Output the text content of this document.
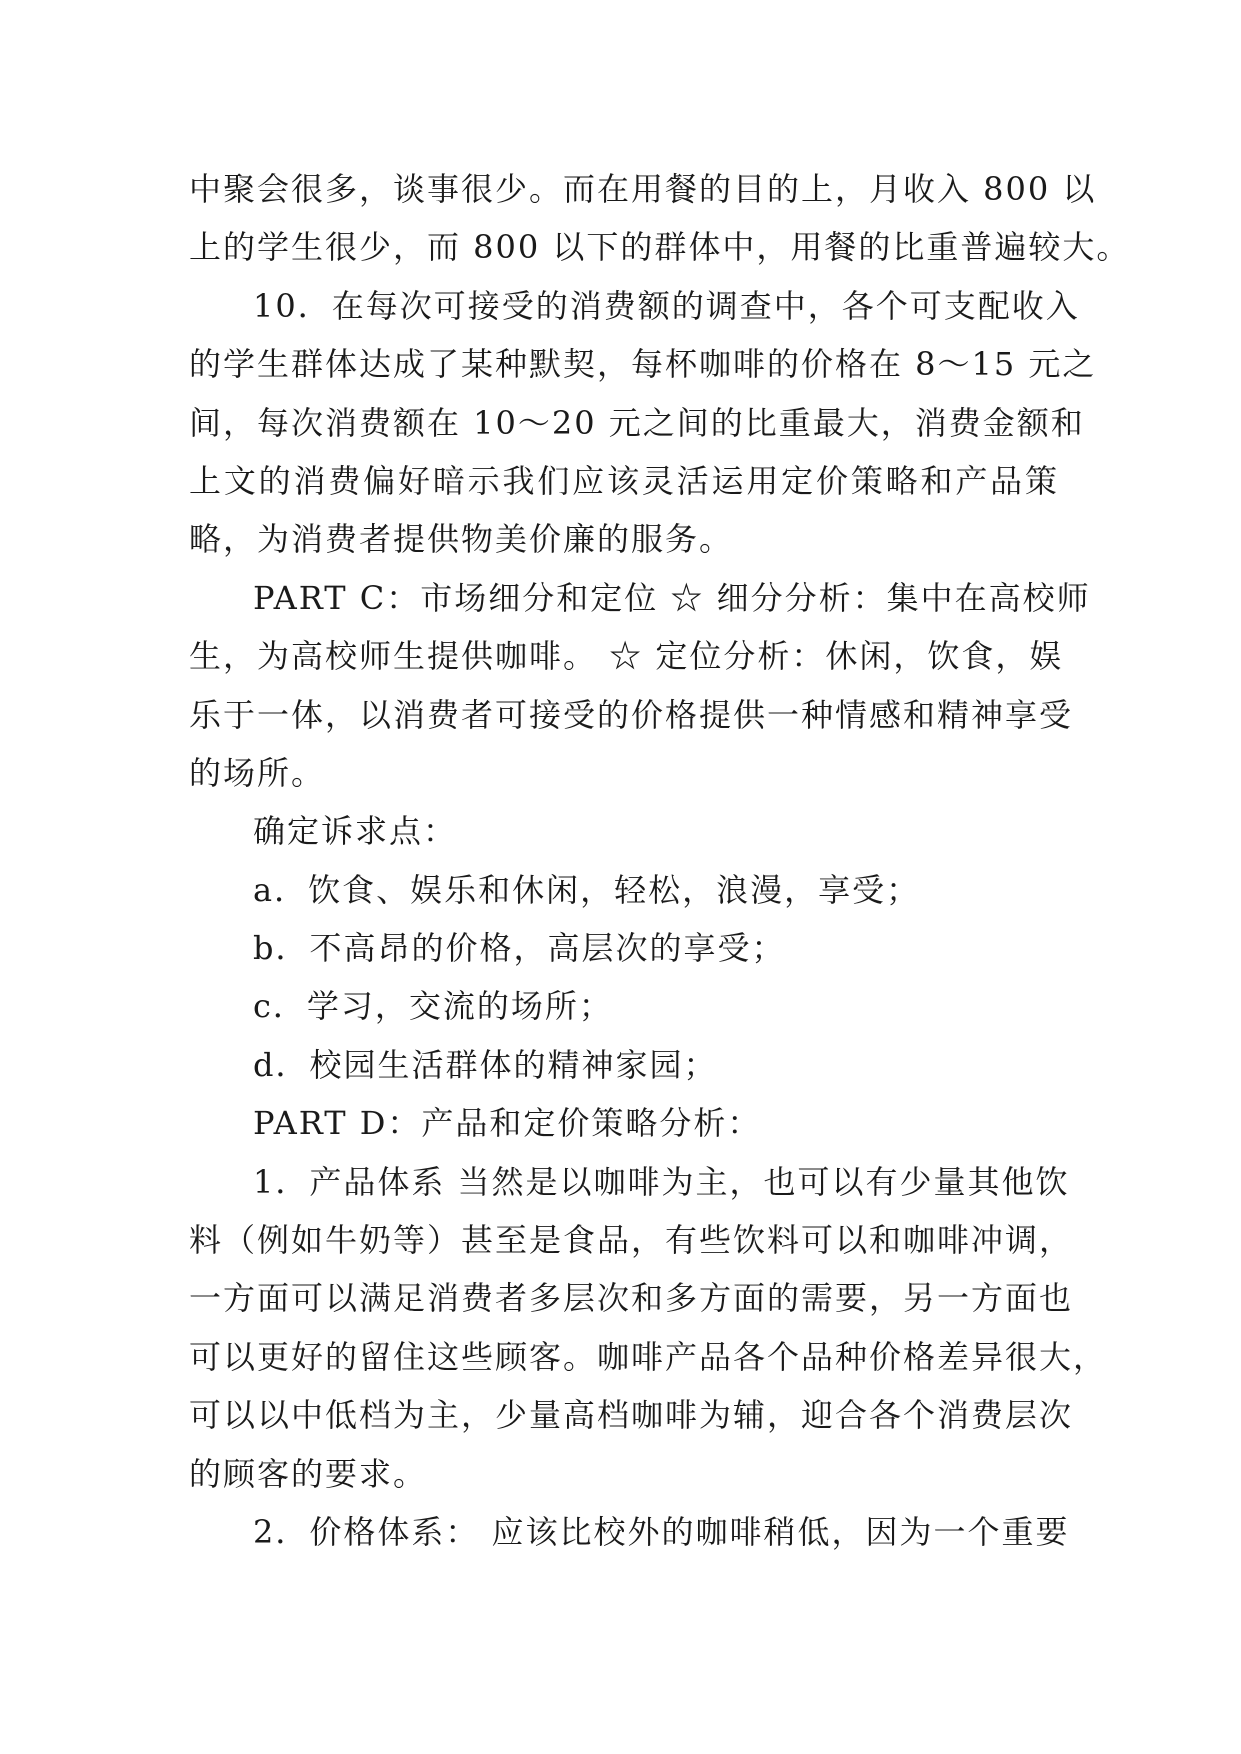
中聚会很多，谈事很少。而在用餐的目的上，月收入 800 以
上的学生很少，而 800 以下的群体中，用餐的比重普遍较大。
10．在每次可接受的消费额的调查中，各个可支配收入
的学生群体达成了某种默契，每杯咖啡的价格在 8～15 元之
间，每次消费额在 10～20 元之间的比重最大，消费金额和
上文的消费偏好暗示我们应该灵活运用定价策略和产品策
略，为消费者提供物美价廉的服务。
PART C：市场细分和定位 ☆ 细分分析：集中在高校师
生，为高校师生提供咖啡。 ☆ 定位分析：休闲，饮食，娱
乐于一体，以消费者可接受的价格提供一种情感和精神享受
的场所。
确定诉求点：
a．饮食、娱乐和休闲，轻松，浪漫，享受；
b．不高昂的价格，高层次的享受；
c．学习，交流的场所；
d．校园生活群体的精神家园；
PART D：产品和定价策略分析：
1．产品体系 当然是以咖啡为主，也可以有少量其他饮
料（例如牛奶等）甚至是食品，有些饮料可以和咖啡冲调，
一方面可以满足消费者多层次和多方面的需要，另一方面也
可以更好的留住这些顾客。咖啡产品各个品种价格差异很大，
可以以中低档为主，少量高档咖啡为辅，迎合各个消费层次
的顾客的要求。
2．价格体系： 应该比校外的咖啡稍低，因为一个重要
